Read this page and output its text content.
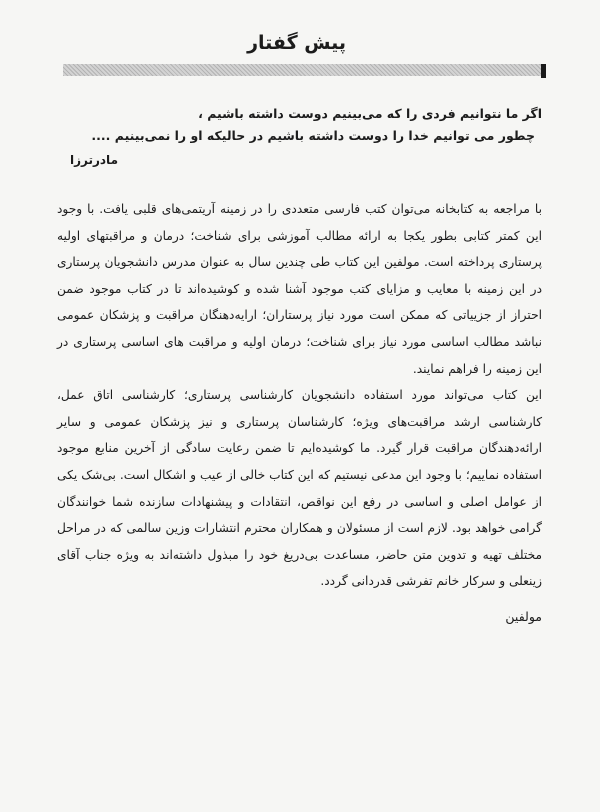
پیش گفتار
اگر ما نتوانیم فردی را که می‌بینیم دوست داشته باشیم ،
چطور می توانیم خدا را دوست داشته باشیم در حالیکه او را نمی‌بینیم ....
مادرترزا

با مراجعه به کتابخانه می‌توان کتب فارسی متعددی را در زمینه آریتمی‌های قلبی یافت. با وجود این کمتر کتابی بطور یکجا به ارائه مطالب آموزشی برای شناخت؛ درمان و مراقبتهای اولیه پرستاری پرداخته است. مولفین این کتاب طی چندین سال به عنوان مدرس دانشجویان پرستاری در این زمینه با معایب و مزایای کتب موجود آشنا شده و کوشیده‌اند تا در کتاب موجود ضمن احتراز از جزییاتی که ممکن است مورد نیاز پرستاران؛ ارایه‌دهنگان مراقبت و پزشکان عمومی نباشد مطالب اساسی مورد نیاز برای شناخت؛ درمان اولیه و مراقبت های اساسی پرستاری در این زمینه را فراهم نمایند.

این کتاب می‌تواند مورد استفاده دانشجویان کارشناسی پرستاری؛ کارشناسی اتاق عمل، کارشناسی ارشد مراقبت‌های ویژه؛ کارشناسان پرستاری و نیز پزشکان عمومی و سایر ارائه‌دهندگان مراقبت قرار گیرد. ما کوشیده‌ایم تا ضمن رعایت سادگی از آخرین منابع موجود استفاده نماییم؛ با وجود این مدعی نیستیم که این کتاب خالی از عیب و اشکال است. بی‌شک یکی از عوامل اصلی و اساسی در رفع این نواقص، انتقادات و پیشنهادات سازنده شما خوانندگان گرامی خواهد بود. لازم است از مسئولان و همکاران محترم انتشارات وزین سالمی که در مراحل مختلف تهیه و تدوین متن حاضر، مساعدت بی‌دریغ خود را مبذول داشته‌اند به ویژه جناب آقای زینعلی و سرکار خانم تفرشی قدردانی گردد.

مولفین
